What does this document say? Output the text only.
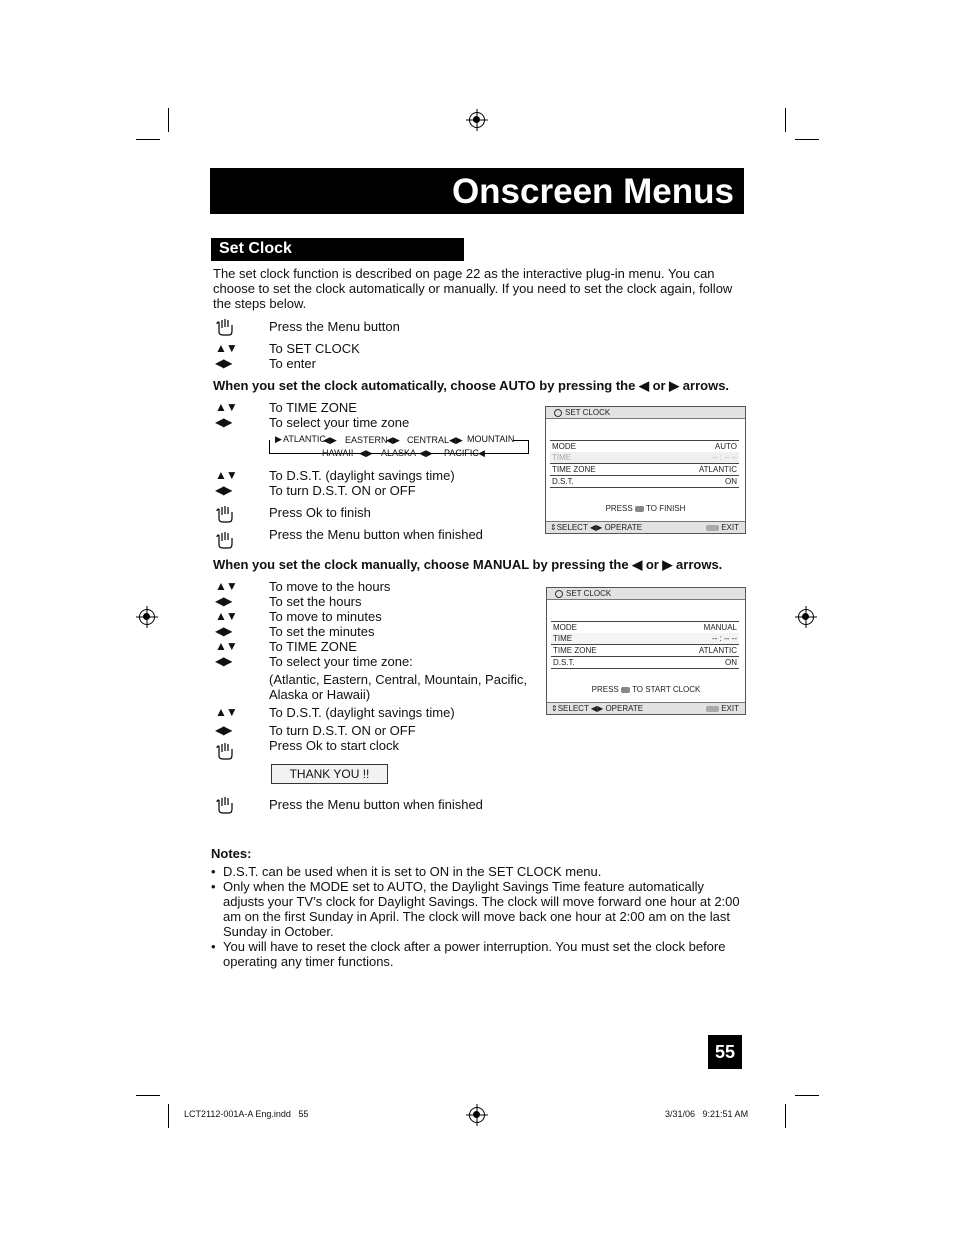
Onscreen Menus
Set Clock
The set clock function is described on page 22 as the interactive plug-in menu. You can choose to set the clock automatically or manually. If you need to set the clock again, follow the steps below.
Press the Menu button
▲▼ To SET CLOCK
◀▶	To enter
When you set the clock automatically, choose AUTO by pressing the ◀ or ▶ arrows.
▲▼ To TIME ZONE
◀▶	To select your time zone
ATLANTIC EASTERN CENTRAL MOUNTAIN
◀▶	◀▶	◀▶
HAWAII	ALASKA	PACIFIC
◀▶	◀▶	◀
▶
▲▼ To D.S.T. (daylight savings time)
◀▶	To turn D.S.T. ON or OFF
Press Ok to finish
Press the Menu button when finished
SET CLOCK
MODE	AUTO
TIME	-- : -- --
TIME ZONE	ATLANTIC
D.S.T.	ON
PRESS TO FINISH
⇕SELECT ◀▶ OPERATE	EXIT
When you set the clock manually, choose MANUAL by pressing the ◀ or ▶ arrows.
▲▼ To move to the hours
◀▶	To set the hours
▲▼ To move to minutes
◀▶	To set the minutes
▲▼ To TIME ZONE
◀▶	To select your time zone:
(Atlantic, Eastern, Central, Mountain, Pacific, Alaska or Hawaii)
▲▼ To D.S.T. (daylight savings time)
◀▶	To turn D.S.T. ON or OFF
Press Ok to start clock
THANK YOU !!
Press the Menu button when finished
SET CLOCK
MODE	MANUAL
TIME	-- : -- --
TIME ZONE	ATLANTIC
D.S.T.	ON
PRESS TO START CLOCK
⇕SELECT ◀▶ OPERATE	EXIT
Notes:
• D.S.T. can be used when it is set to ON in the SET CLOCK menu.
• Only when the MODE set to AUTO, the Daylight Savings Time feature automatically adjusts your TV’s clock for Daylight Savings. The clock will move forward one hour at 2:00 am on the first Sunday in April. The clock will move back one hour at 2:00 am on the last Sunday in October.
• You will have to reset the clock after a power interruption. You must set the clock before operating any timer functions.
55
LCT2112-001A-A Eng.indd   55	3/31/06   9:21:51 AM
